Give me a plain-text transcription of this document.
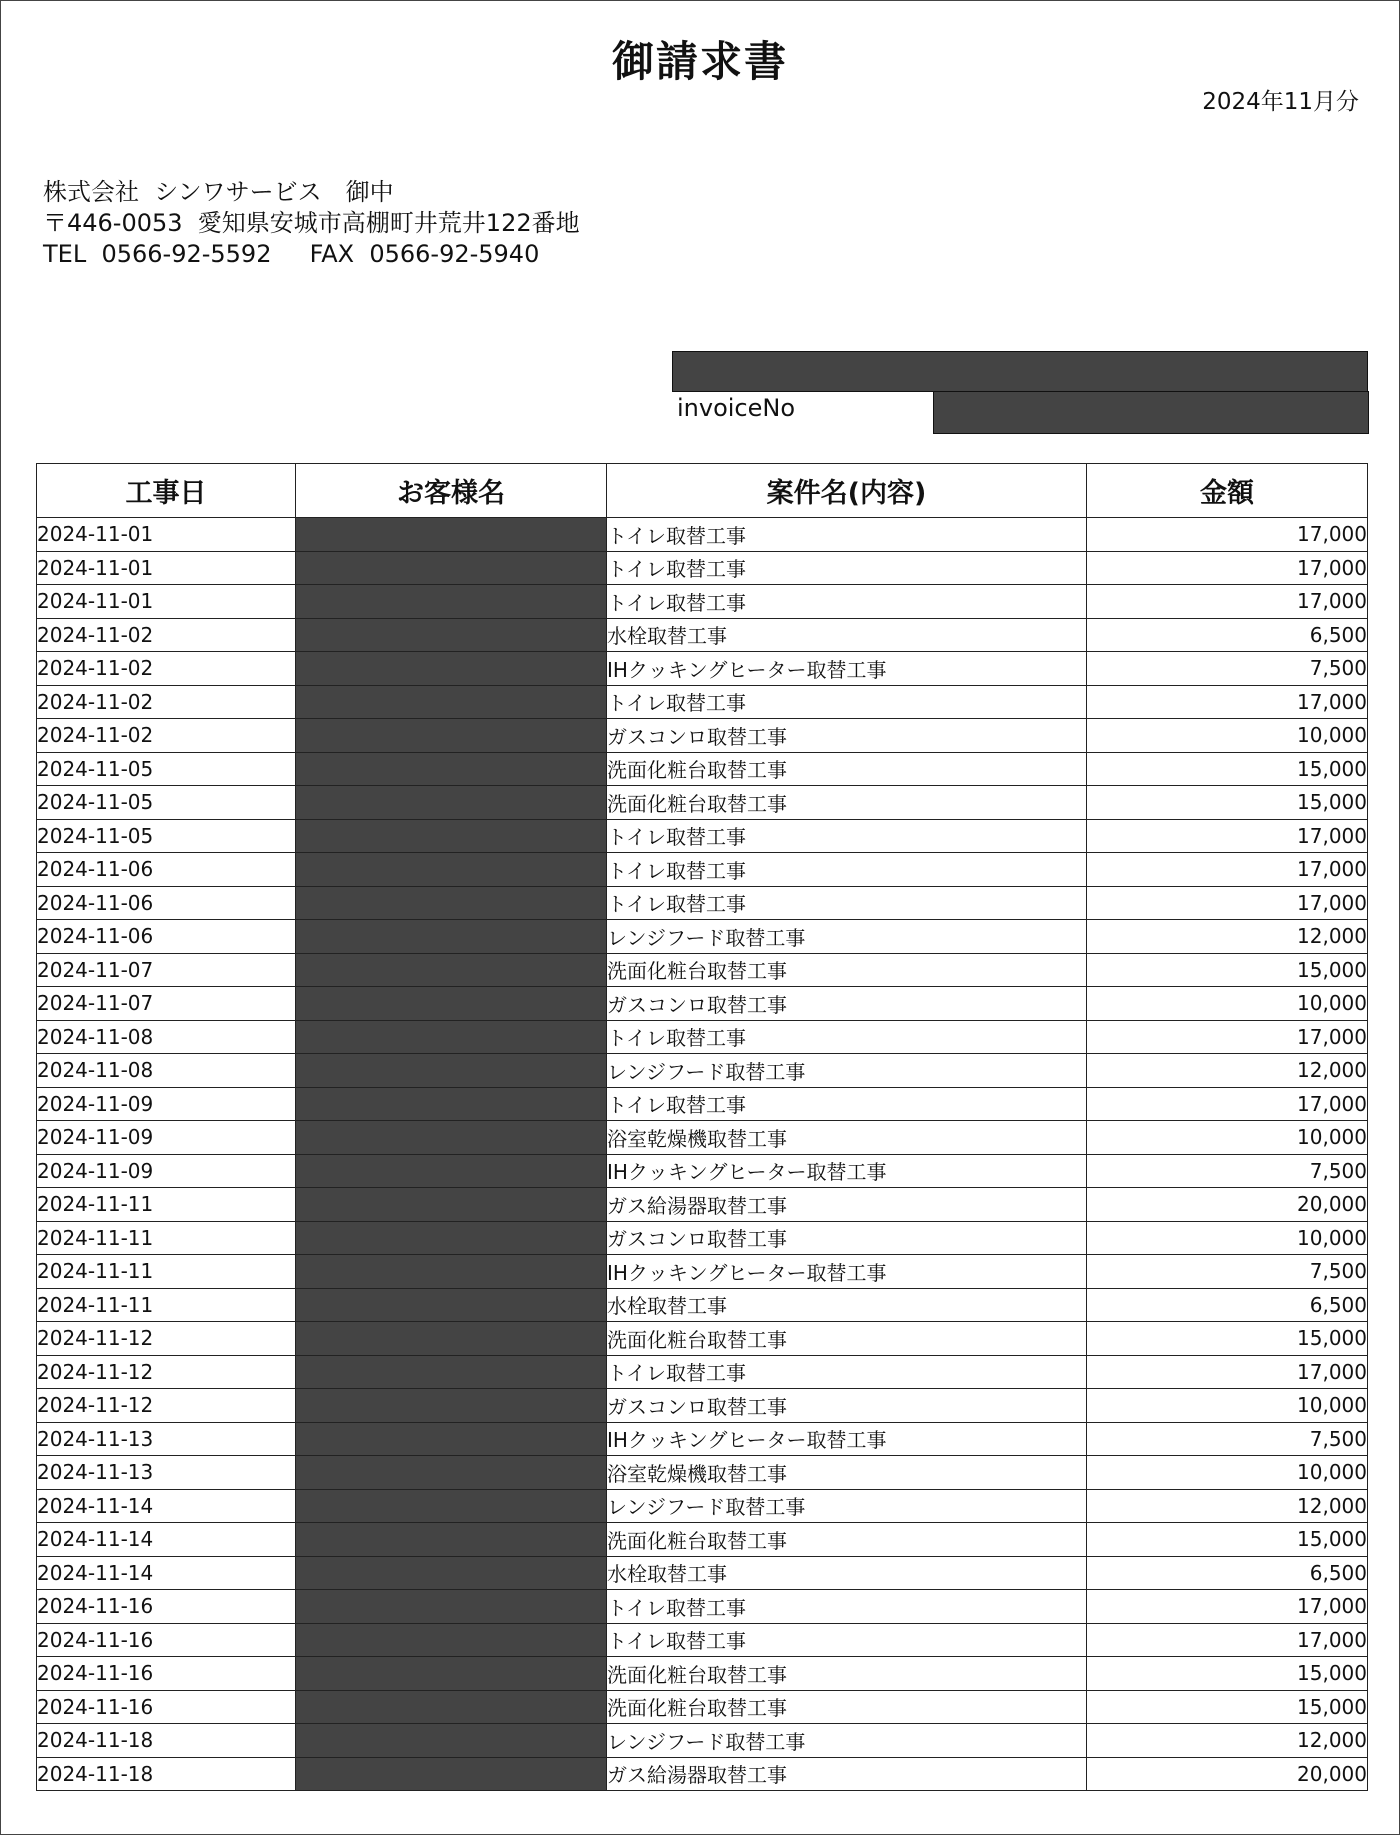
御請求書
2024年11月分
株式会社  シンワサービス　御中
〒446-0053  愛知県安城市高棚町井荒井122番地
TEL  0566-92-5592     FAX  0566-92-5940
invoiceNo
工事日	お客様名	案件名(内容)	金額
2024-11-01		トイレ取替工事	17,000
2024-11-01		トイレ取替工事	17,000
2024-11-01		トイレ取替工事	17,000
2024-11-02		水栓取替工事	6,500
2024-11-02		IHクッキングヒーター取替工事	7,500
2024-11-02		トイレ取替工事	17,000
2024-11-02		ガスコンロ取替工事	10,000
2024-11-05		洗面化粧台取替工事	15,000
2024-11-05		洗面化粧台取替工事	15,000
2024-11-05		トイレ取替工事	17,000
2024-11-06		トイレ取替工事	17,000
2024-11-06		トイレ取替工事	17,000
2024-11-06		レンジフード取替工事	12,000
2024-11-07		洗面化粧台取替工事	15,000
2024-11-07		ガスコンロ取替工事	10,000
2024-11-08		トイレ取替工事	17,000
2024-11-08		レンジフード取替工事	12,000
2024-11-09		トイレ取替工事	17,000
2024-11-09		浴室乾燥機取替工事	10,000
2024-11-09		IHクッキングヒーター取替工事	7,500
2024-11-11		ガス給湯器取替工事	20,000
2024-11-11		ガスコンロ取替工事	10,000
2024-11-11		IHクッキングヒーター取替工事	7,500
2024-11-11		水栓取替工事	6,500
2024-11-12		洗面化粧台取替工事	15,000
2024-11-12		トイレ取替工事	17,000
2024-11-12		ガスコンロ取替工事	10,000
2024-11-13		IHクッキングヒーター取替工事	7,500
2024-11-13		浴室乾燥機取替工事	10,000
2024-11-14		レンジフード取替工事	12,000
2024-11-14		洗面化粧台取替工事	15,000
2024-11-14		水栓取替工事	6,500
2024-11-16		トイレ取替工事	17,000
2024-11-16		トイレ取替工事	17,000
2024-11-16		洗面化粧台取替工事	15,000
2024-11-16		洗面化粧台取替工事	15,000
2024-11-18		レンジフード取替工事	12,000
2024-11-18		ガス給湯器取替工事	20,000
